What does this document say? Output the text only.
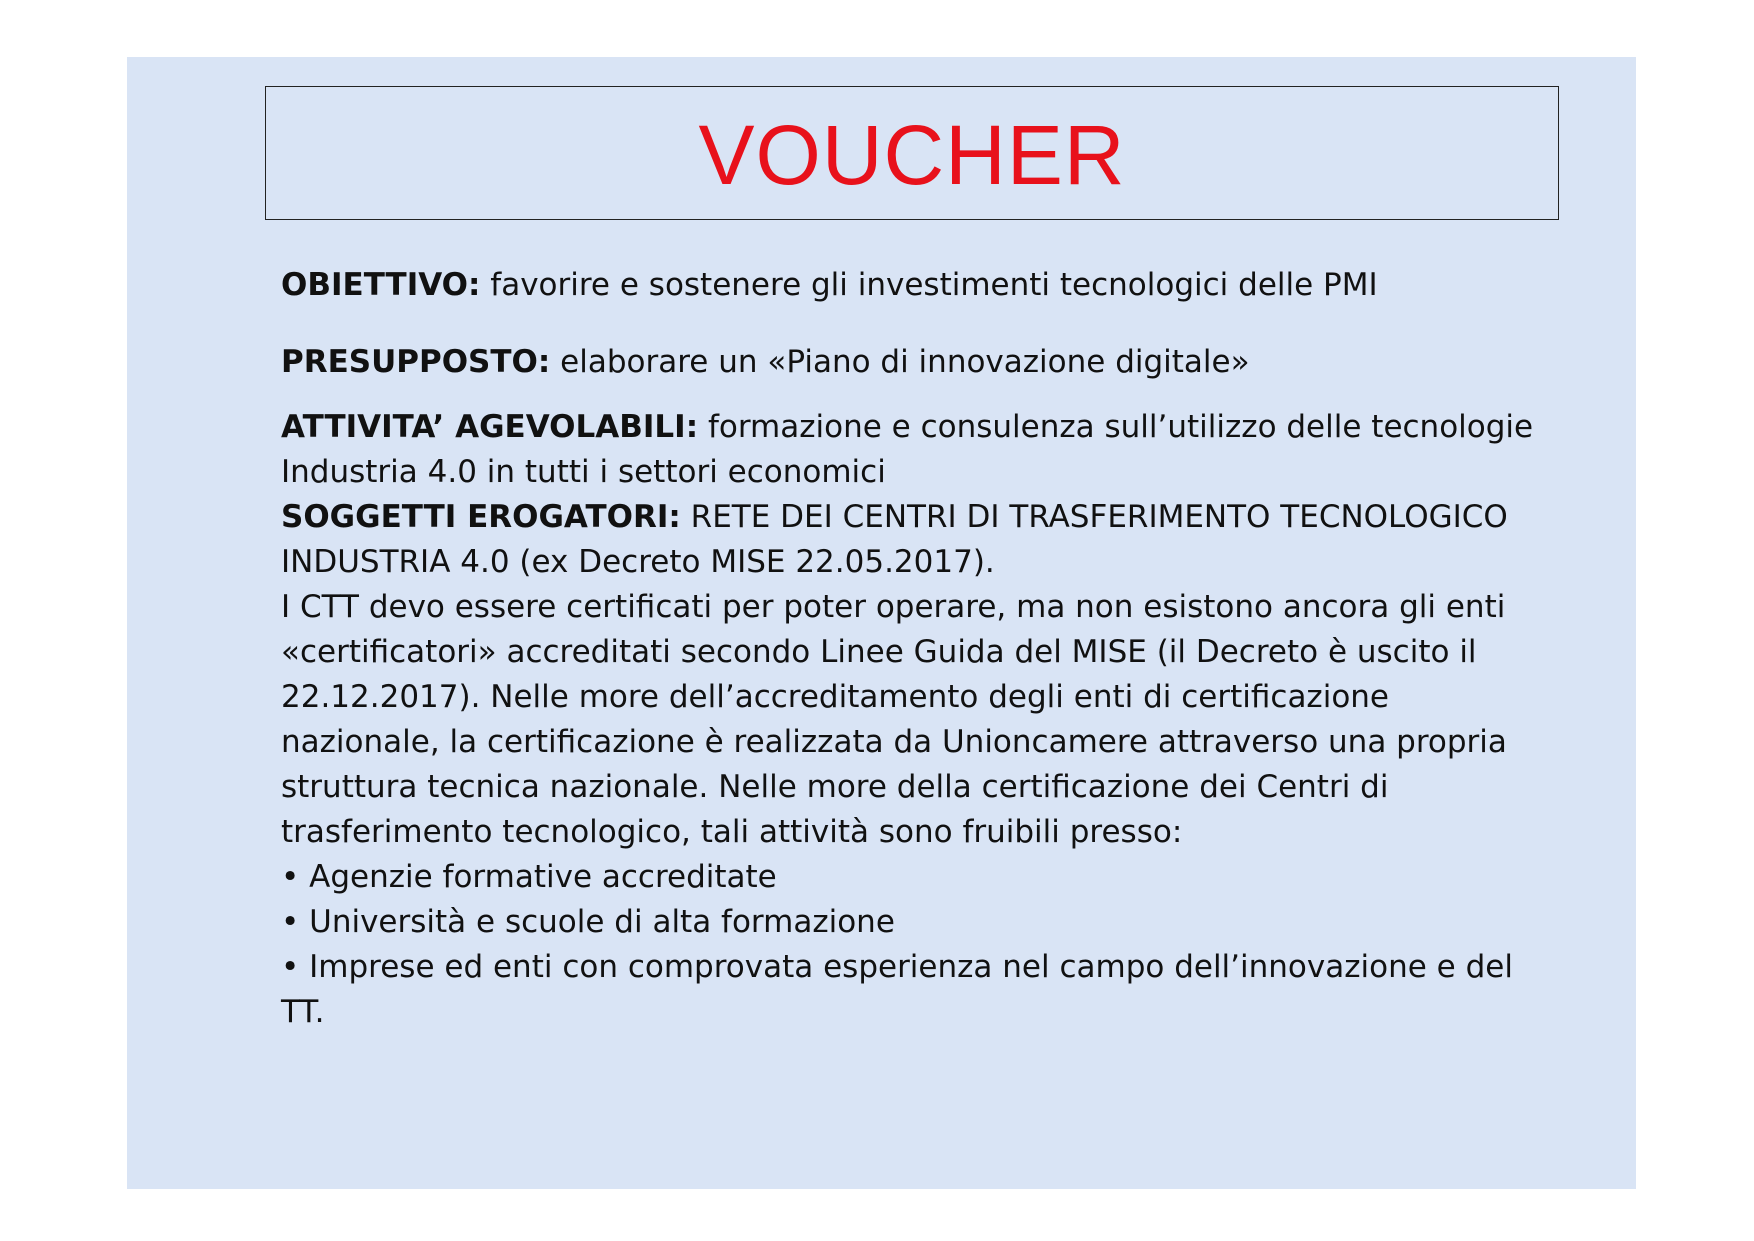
VOUCHER

OBIETTIVO: favorire e sostenere gli investimenti tecnologici delle PMI

PRESUPPOSTO: elaborare un «Piano di innovazione digitale»

ATTIVITA’ AGEVOLABILI: formazione e consulenza sull’utilizzo delle tecnologie
Industria 4.0 in tutti i settori economici

SOGGETTI EROGATORI: RETE DEI CENTRI DI TRASFERIMENTO TECNOLOGICO
INDUSTRIA 4.0 (ex Decreto MISE 22.05.2017).
I CTT devo essere certificati per poter operare, ma non esistono ancora gli enti
«certificatori» accreditati secondo Linee Guida del MISE (il Decreto è uscito il
22.12.2017). Nelle more dell’accreditamento degli enti di certificazione
nazionale, la certificazione è realizzata da Unioncamere attraverso una propria
struttura tecnica nazionale. Nelle more della certificazione dei Centri di
trasferimento tecnologico, tali attività sono fruibili presso:
• Agenzie formative accreditate
• Università e scuole di alta formazione
• Imprese ed enti con comprovata esperienza nel campo dell’innovazione e del
TT.
